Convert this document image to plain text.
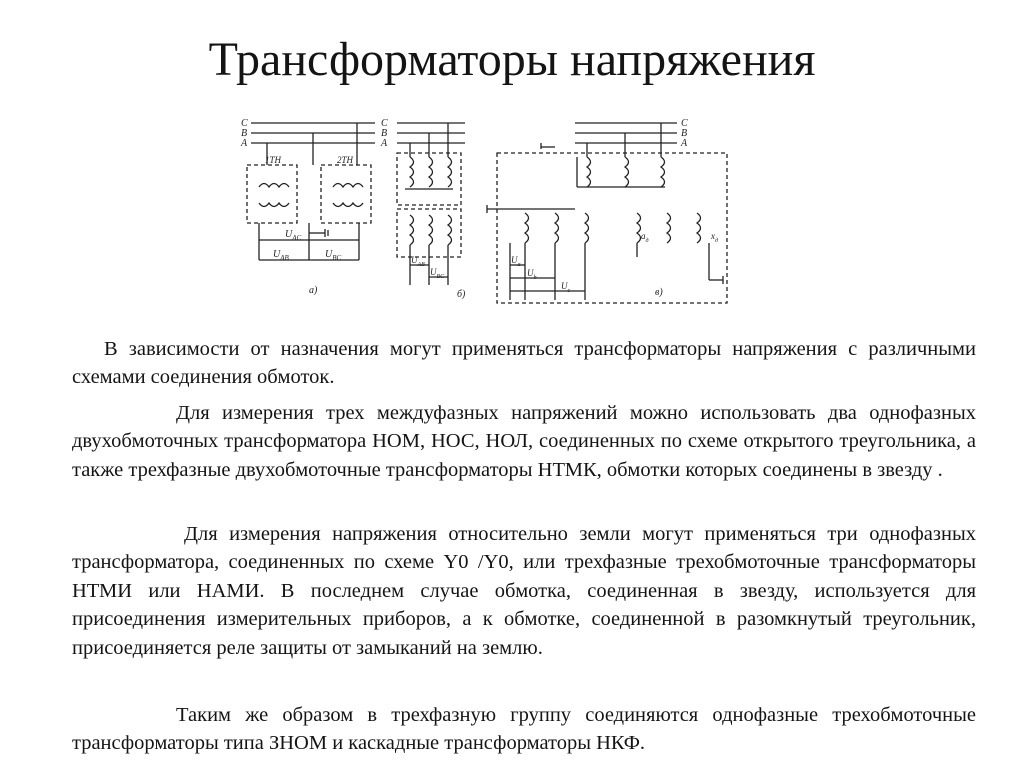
Трансформаторы напряжения
C
B
A
1ТН	2ТН
$U_{AC}$
$U_{AB}$	$U_{BC}$
а)
C
B
A
$U_{AB}$
$U_{BC}$
б)
C
B
A
$U_a$
$U_b$
$U_c$
$a_д$	$x_д$
в)

В зависимости от назначения могут применяться трансформаторы напряжения с различными схемами соединения обмоток.

Для измерения трех междуфазных напряжений можно использовать два однофазных двухобмоточных трансформатора НОМ, НОС, НОЛ, соединенных по схеме открытого треугольника, а также трехфазные двухобмоточные трансформаторы НТМК, обмотки которых соединены в звезду .

Для измерения напряжения относительно земли могут применяться три однофазных трансформатора, соединенных по схеме Y0 /Y0, или трехфазные трехобмоточные трансформаторы НТМИ или НАМИ. В последнем случае обмотка, соединенная в звезду, используется для присоединения измерительных приборов, а к обмотке, соединенной в разомкнутый треугольник, присоединяется реле защиты от замыканий на землю.

Таким же образом в трехфазную группу соединяются однофазные трехобмоточные трансформаторы типа ЗНОМ и каскадные трансформаторы НКФ.
